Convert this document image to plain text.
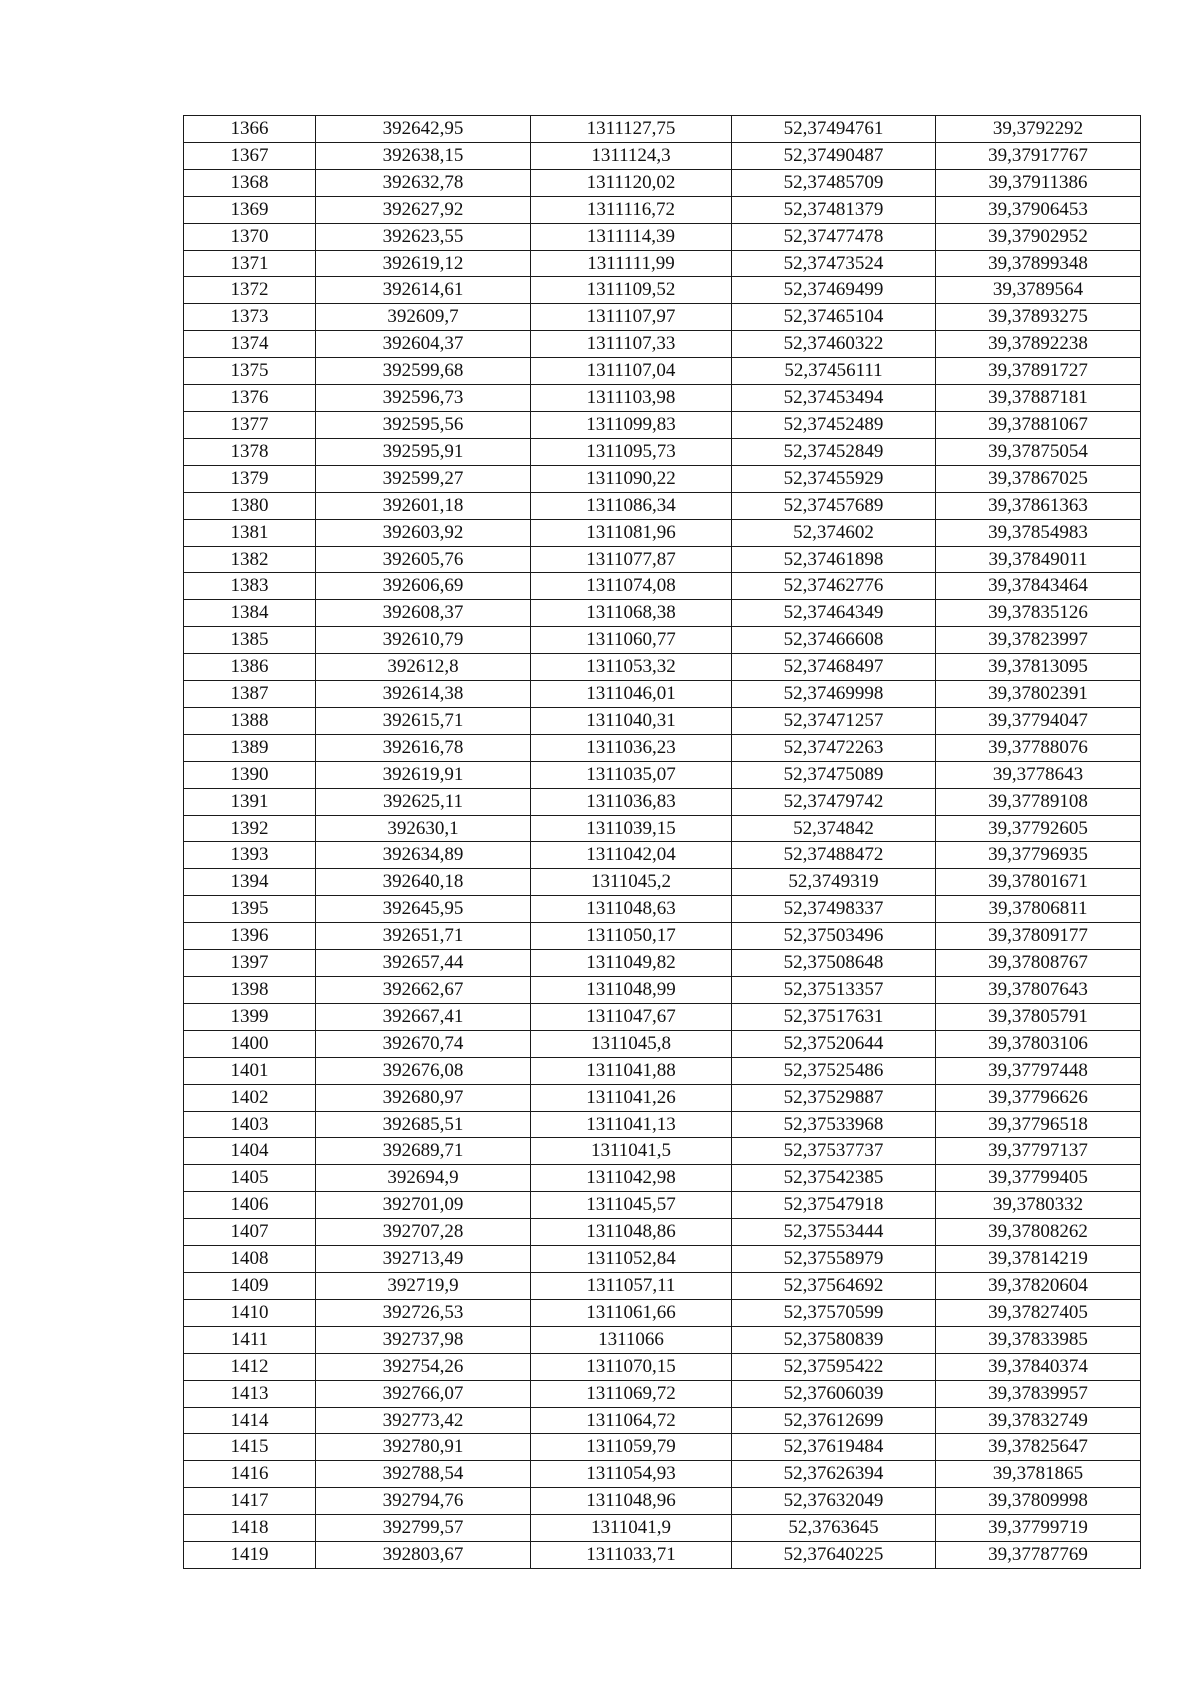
1366	392642,95	1311127,75	52,37494761	39,3792292
1367	392638,15	1311124,3	52,37490487	39,37917767
1368	392632,78	1311120,02	52,37485709	39,37911386
1369	392627,92	1311116,72	52,37481379	39,37906453
1370	392623,55	1311114,39	52,37477478	39,37902952
1371	392619,12	1311111,99	52,37473524	39,37899348
1372	392614,61	1311109,52	52,37469499	39,3789564
1373	392609,7	1311107,97	52,37465104	39,37893275
1374	392604,37	1311107,33	52,37460322	39,37892238
1375	392599,68	1311107,04	52,37456111	39,37891727
1376	392596,73	1311103,98	52,37453494	39,37887181
1377	392595,56	1311099,83	52,37452489	39,37881067
1378	392595,91	1311095,73	52,37452849	39,37875054
1379	392599,27	1311090,22	52,37455929	39,37867025
1380	392601,18	1311086,34	52,37457689	39,37861363
1381	392603,92	1311081,96	52,374602	39,37854983
1382	392605,76	1311077,87	52,37461898	39,37849011
1383	392606,69	1311074,08	52,37462776	39,37843464
1384	392608,37	1311068,38	52,37464349	39,37835126
1385	392610,79	1311060,77	52,37466608	39,37823997
1386	392612,8	1311053,32	52,37468497	39,37813095
1387	392614,38	1311046,01	52,37469998	39,37802391
1388	392615,71	1311040,31	52,37471257	39,37794047
1389	392616,78	1311036,23	52,37472263	39,37788076
1390	392619,91	1311035,07	52,37475089	39,3778643
1391	392625,11	1311036,83	52,37479742	39,37789108
1392	392630,1	1311039,15	52,374842	39,37792605
1393	392634,89	1311042,04	52,37488472	39,37796935
1394	392640,18	1311045,2	52,3749319	39,37801671
1395	392645,95	1311048,63	52,37498337	39,37806811
1396	392651,71	1311050,17	52,37503496	39,37809177
1397	392657,44	1311049,82	52,37508648	39,37808767
1398	392662,67	1311048,99	52,37513357	39,37807643
1399	392667,41	1311047,67	52,37517631	39,37805791
1400	392670,74	1311045,8	52,37520644	39,37803106
1401	392676,08	1311041,88	52,37525486	39,37797448
1402	392680,97	1311041,26	52,37529887	39,37796626
1403	392685,51	1311041,13	52,37533968	39,37796518
1404	392689,71	1311041,5	52,37537737	39,37797137
1405	392694,9	1311042,98	52,37542385	39,37799405
1406	392701,09	1311045,57	52,37547918	39,3780332
1407	392707,28	1311048,86	52,37553444	39,37808262
1408	392713,49	1311052,84	52,37558979	39,37814219
1409	392719,9	1311057,11	52,37564692	39,37820604
1410	392726,53	1311061,66	52,37570599	39,37827405
1411	392737,98	1311066	52,37580839	39,37833985
1412	392754,26	1311070,15	52,37595422	39,37840374
1413	392766,07	1311069,72	52,37606039	39,37839957
1414	392773,42	1311064,72	52,37612699	39,37832749
1415	392780,91	1311059,79	52,37619484	39,37825647
1416	392788,54	1311054,93	52,37626394	39,3781865
1417	392794,76	1311048,96	52,37632049	39,37809998
1418	392799,57	1311041,9	52,3763645	39,37799719
1419	392803,67	1311033,71	52,37640225	39,37787769
